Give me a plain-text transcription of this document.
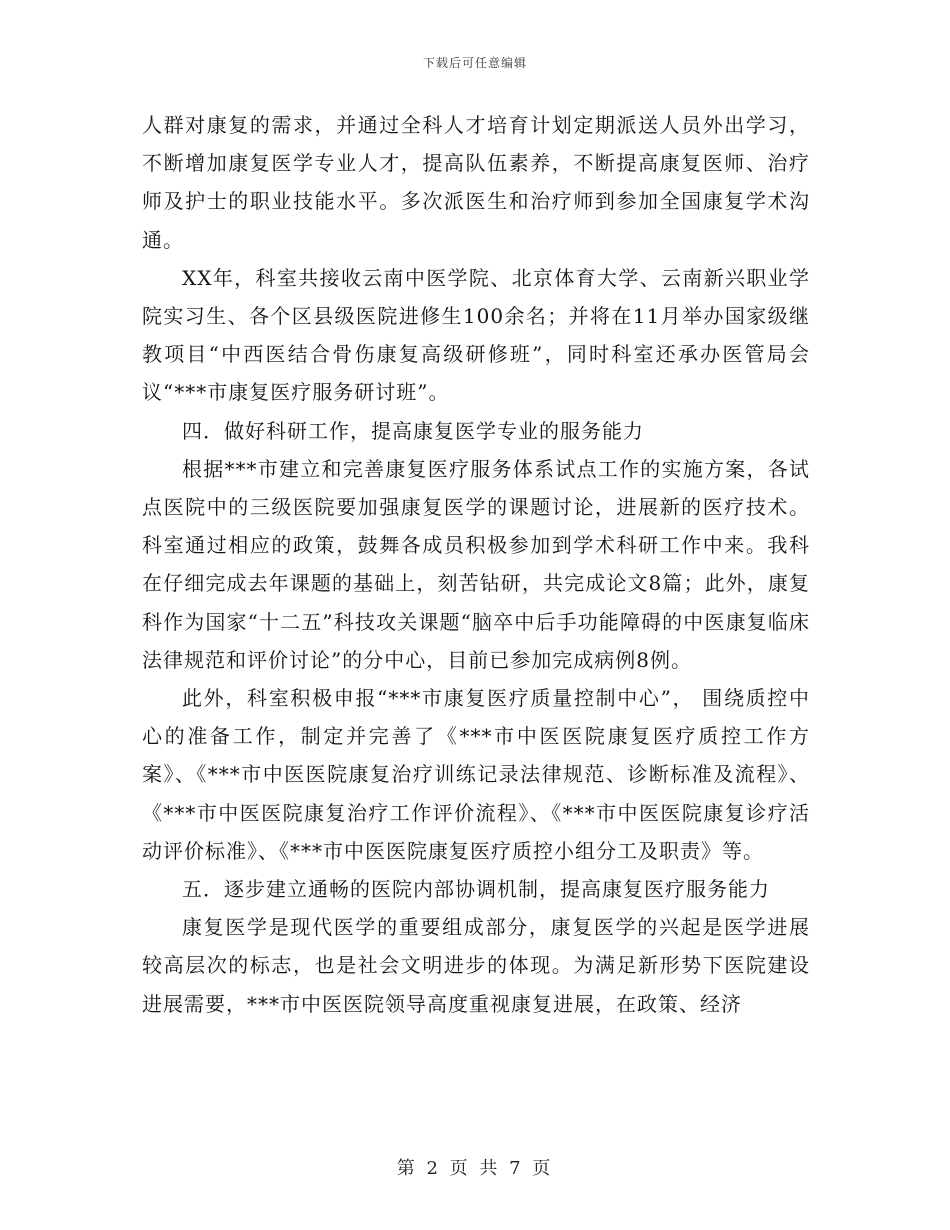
下载后可任意编辑

人群对康复的需求，并通过全科人才培育计划定期派送人员外出学习，不断增加康复医学专业人才，提高队伍素养，不断提高康复医师、治疗师及护士的职业技能水平。多次派医生和治疗师到参加全国康复学术沟通。

XX年，科室共接收云南中医学院、北京体育大学、云南新兴职业学院实习生、各个区县级医院进修生100余名；并将在11月举办国家级继教项目“中西医结合骨伤康复高级研修班”，同时科室还承办医管局会议“***市康复医疗服务研讨班”。

四．做好科研工作，提高康复医学专业的服务能力

根据***市建立和完善康复医疗服务体系试点工作的实施方案，各试点医院中的三级医院要加强康复医学的课题讨论，进展新的医疗技术。科室通过相应的政策，鼓舞各成员积极参加到学术科研工作中来。我科在仔细完成去年课题的基础上，刻苦钻研，共完成论文8篇；此外，康复科作为国家“十二五”科技攻关课题“脑卒中后手功能障碍的中医康复临床法律规范和评价讨论”的分中心，目前已参加完成病例8例。

此外，科室积极申报“***市康复医疗质量控制中心”， 围绕质控中心的准备工作，制定并完善了《***市中医医院康复医疗质控工作方案》、《***市中医医院康复治疗训练记录法律规范、诊断标准及流程》、《***市中医医院康复治疗工作评价流程》、《***市中医医院康复诊疗活动评价标准》、《***市中医医院康复医疗质控小组分工及职责》等。

五．逐步建立通畅的医院内部协调机制，提高康复医疗服务能力

康复医学是现代医学的重要组成部分，康复医学的兴起是医学进展较高层次的标志，也是社会文明进步的体现。为满足新形势下医院建设进展需要，***市中医医院领导高度重视康复进展，在政策、经济

第 2 页 共 7 页
